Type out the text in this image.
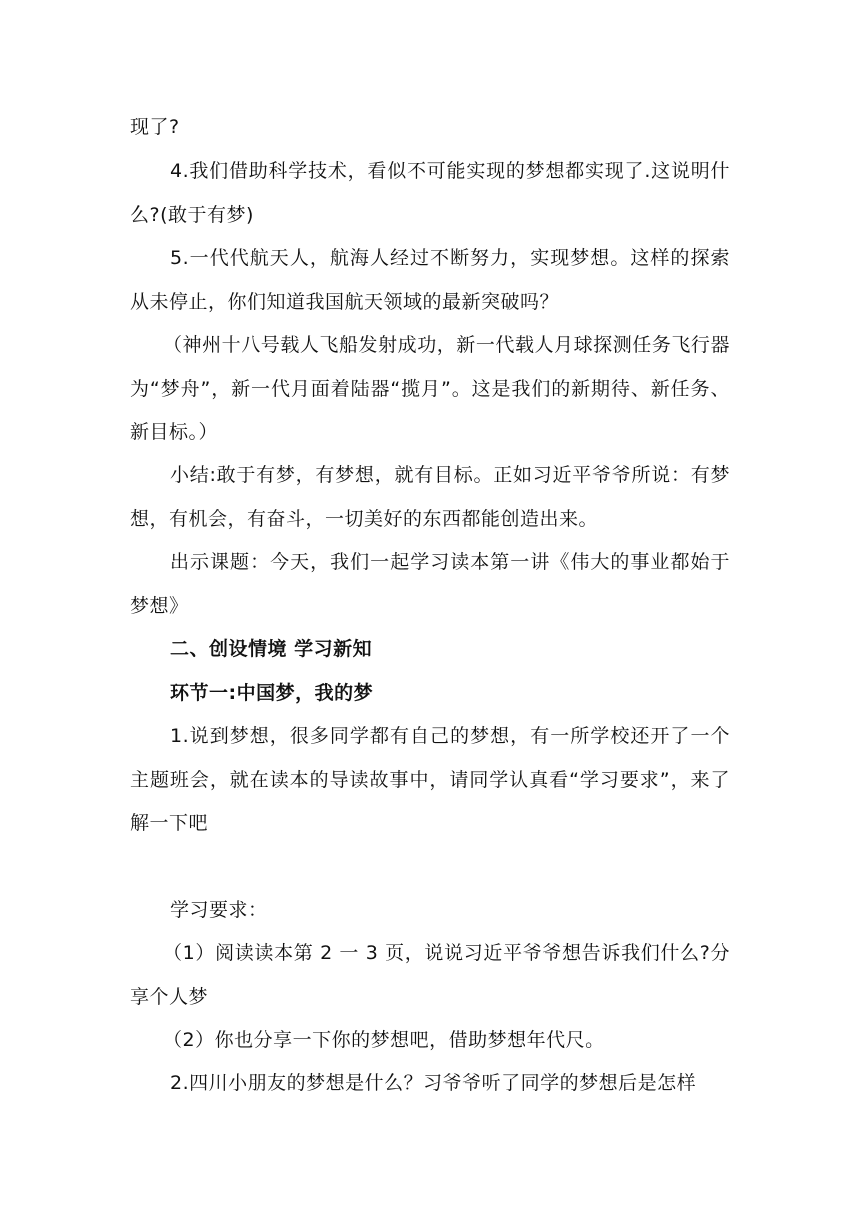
现了?

4.我们借助科学技术，看似不可能实现的梦想都实现了.这说明什么?(敢于有梦)

5.一代代航天人，航海人经过不断努力，实现梦想。这样的探索从未停止，你们知道我国航天领域的最新突破吗？

（神州十八号载人飞船发射成功，新一代载人月球探测任务飞行器为“梦舟”，新一代月面着陆器“揽月”。这是我们的新期待、新任务、新目标。）

小结:敢于有梦，有梦想，就有目标。正如习近平爷爷所说：有梦想，有机会，有奋斗，一切美好的东西都能创造出来。

出示课题：今天，我们一起学习读本第一讲《伟大的事业都始于梦想》

二、创设情境 学习新知

环节一:中国梦，我的梦

1.说到梦想，很多同学都有自己的梦想，有一所学校还开了一个主题班会，就在读本的导读故事中，请同学认真看“学习要求”，来了解一下吧

学习要求：

（1）阅读读本第 2 一 3 页，说说习近平爷爷想告诉我们什么?分享个人梦

（2）你也分享一下你的梦想吧，借助梦想年代尺。

2.四川小朋友的梦想是什么？习爷爷听了同学的梦想后是怎样
